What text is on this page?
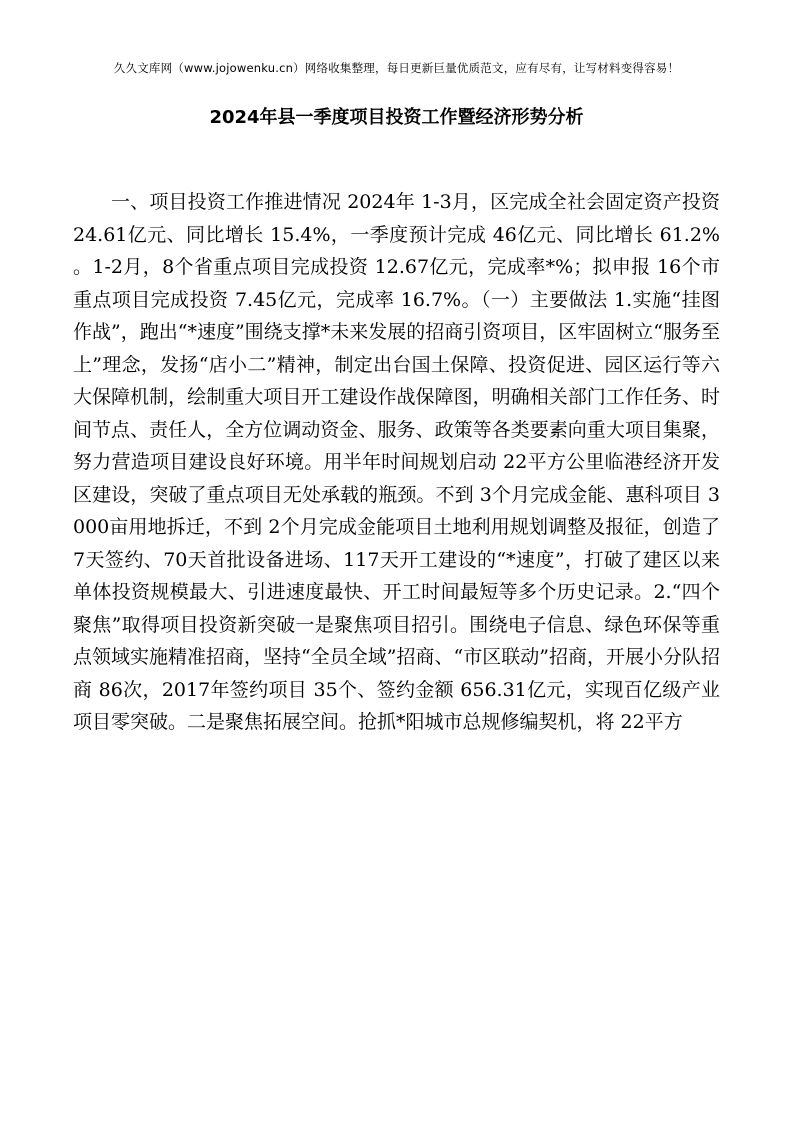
久久文库网（www.jojowenku.cn）网络收集整理，每日更新巨量优质范文，应有尽有，让写材料变得容易！
2024年县一季度项目投资工作暨经济形势分析

一、项目投资工作推进情况 2024年 1-3月，区完成全社会固定资产投资 24.61亿元、同比增长 15.4%，一季度预计完成 46亿元、同比增长 61.2%。1-2月，8个省重点项目完成投资 12.67亿元，完成率*%；拟申报 16个市重点项目完成投资 7.45亿元，完成率 16.7%。（一）主要做法 1.实施“挂图作战”，跑出“*速度”围绕支撑*未来发展的招商引资项目，区牢固树立“服务至上”理念，发扬“店小二”精神，制定出台国土保障、投资促进、园区运行等六大保障机制，绘制重大项目开工建设作战保障图，明确相关部门工作任务、时间节点、责任人，全方位调动资金、服务、政策等各类要素向重大项目集聚，努力营造项目建设良好环境。用半年时间规划启动 22平方公里临港经济开发区建设，突破了重点项目无处承载的瓶颈。不到 3个月完成金能、惠科项目 3000亩用地拆迁，不到 2个月完成金能项目土地利用规划调整及报征，创造了 7天签约、70天首批设备进场、117天开工建设的“*速度”，打破了建区以来单体投资规模最大、引进速度最快、开工时间最短等多个历史记录。2.“四个聚焦”取得项目投资新突破一是聚焦项目招引。围绕电子信息、绿色环保等重点领域实施精准招商，坚持“全员全域”招商、“市区联动”招商，开展小分队招商 86次，2017年签约项目 35个、签约金额 656.31亿元，实现百亿级产业项目零突破。二是聚焦拓展空间。抢抓*阳城市总规修编契机，将 22平方
